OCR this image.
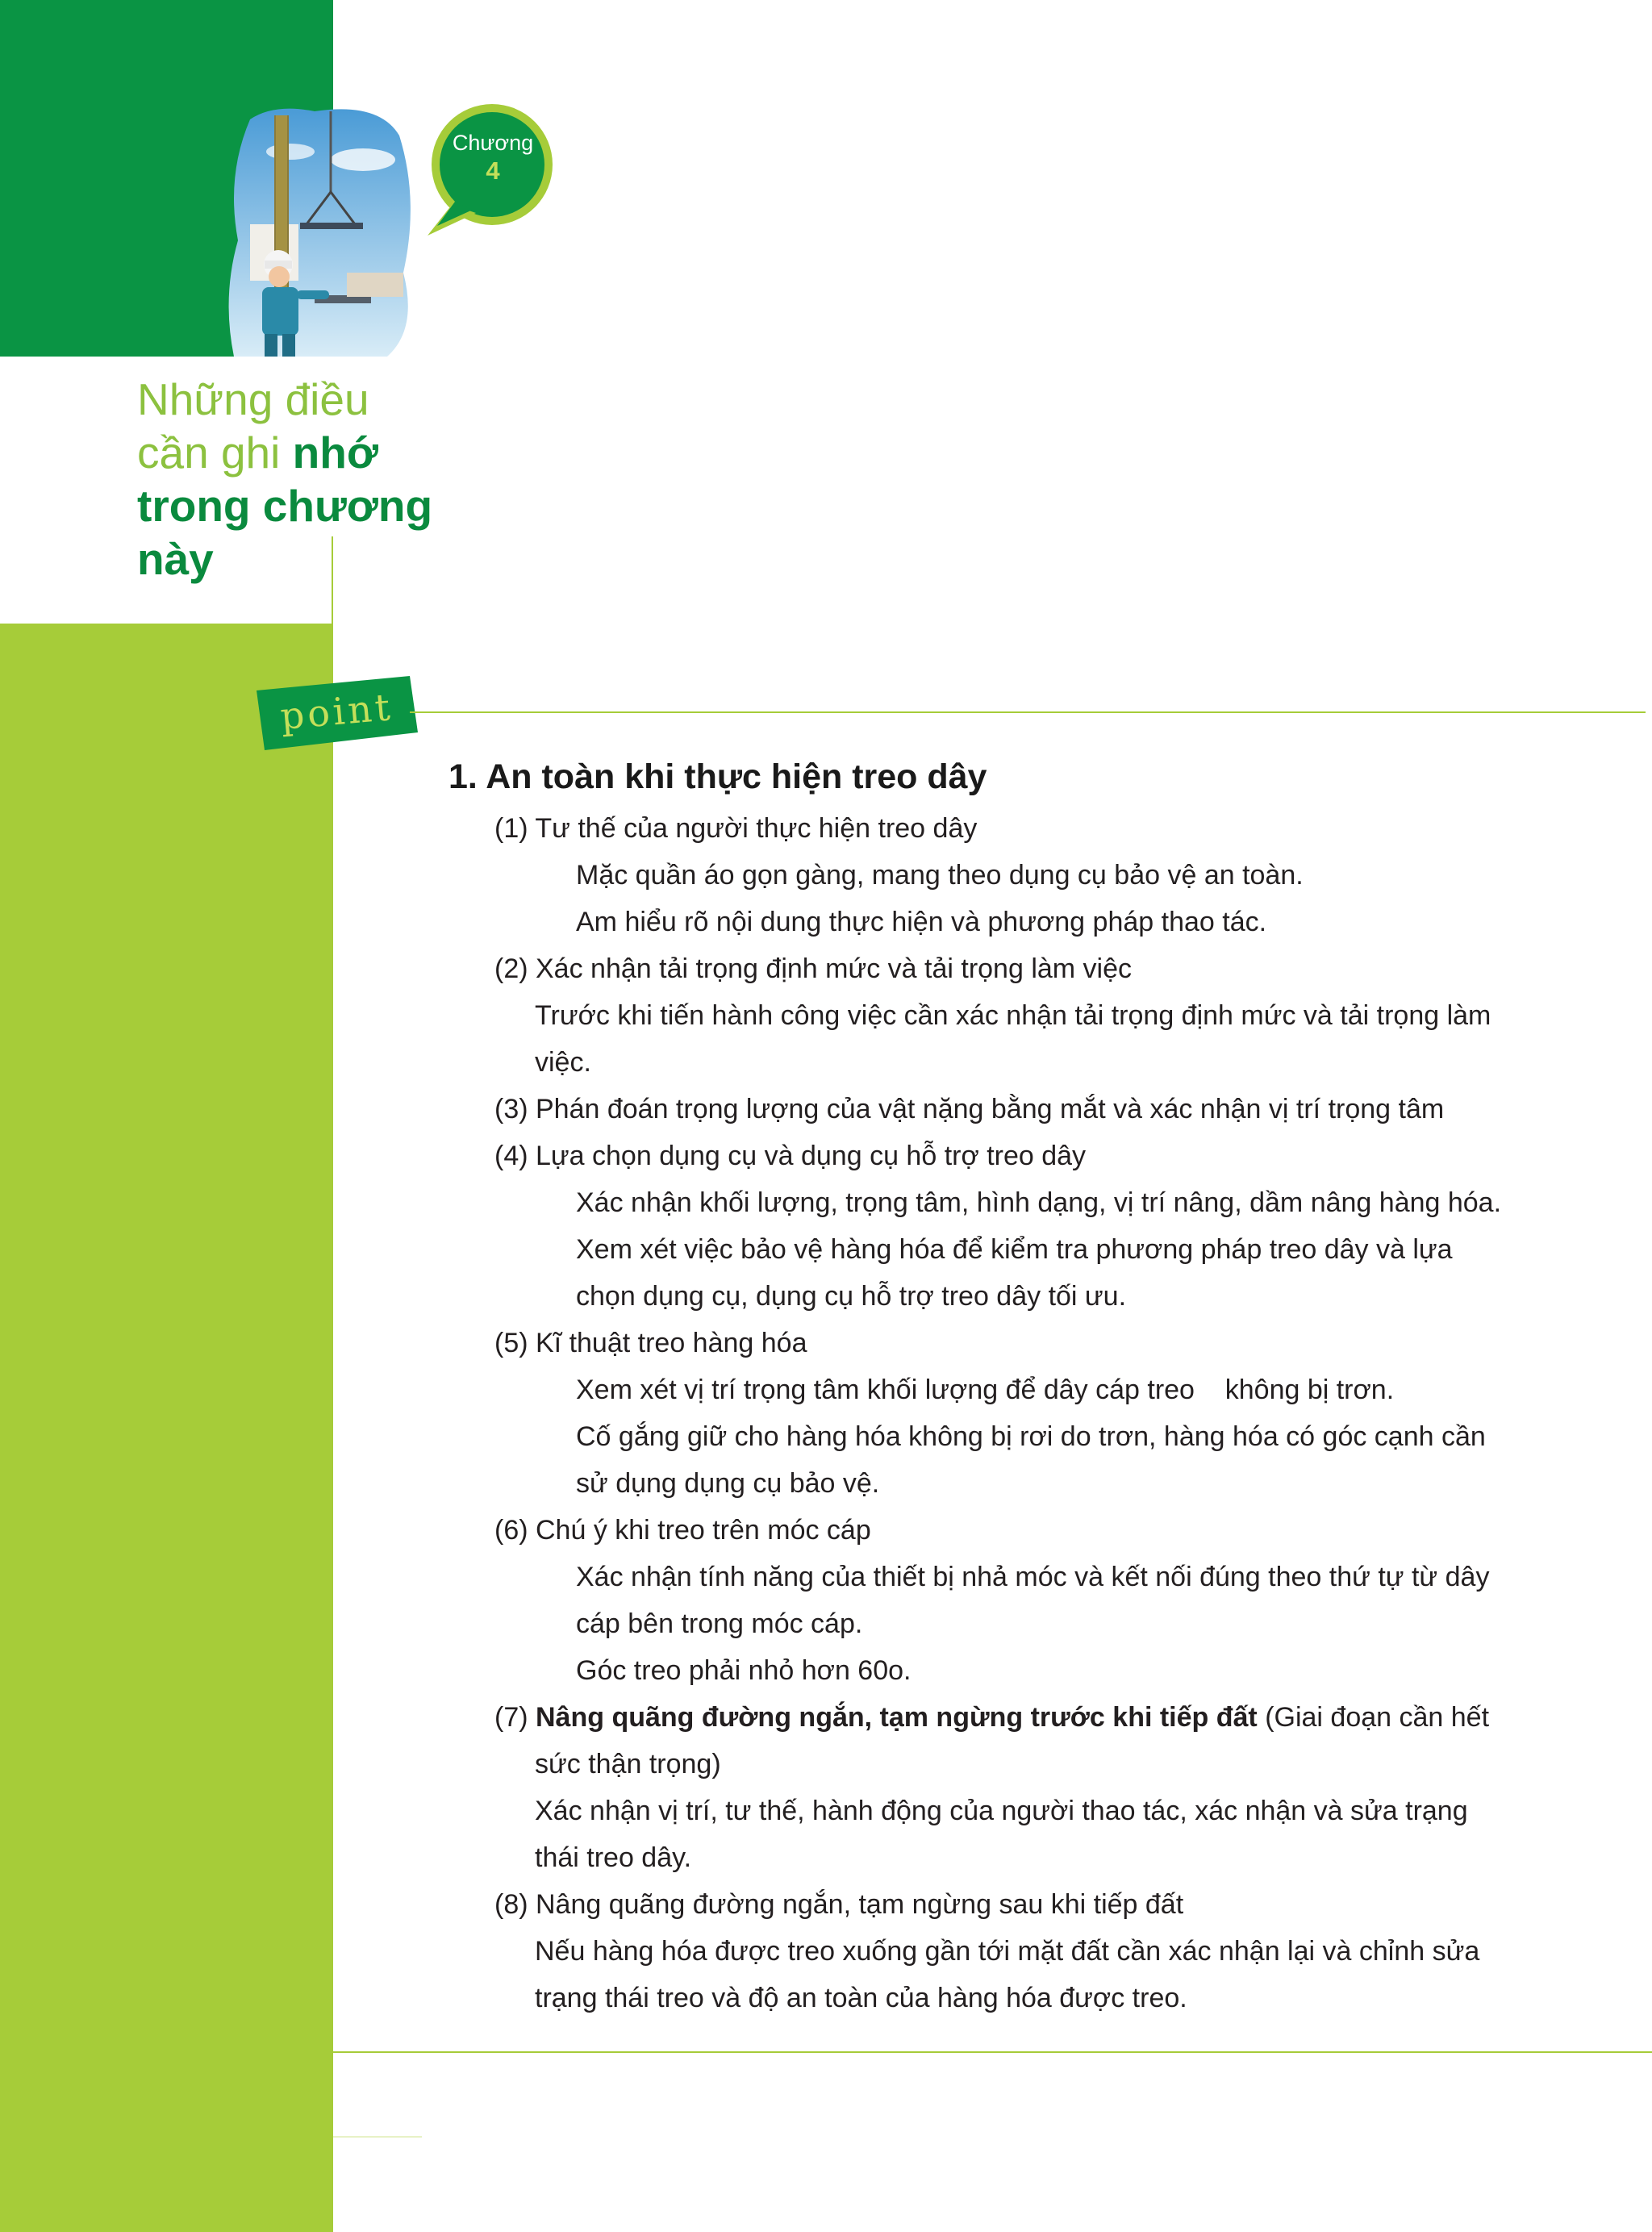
Chương
4
Những điều
cần ghi nhớ
trong chương
này
point
1. An toàn khi thực hiện treo dây

(1) Tư thế của người thực hiện treo dây

Mặc quần áo gọn gàng, mang theo dụng cụ bảo vệ an toàn.

Am hiểu rõ nội dung thực hiện và phương pháp thao tác.

(2) Xác nhận tải trọng định mức và tải trọng làm việc

Trước khi tiến hành công việc cần xác nhận tải trọng định mức và tải trọng làm

việc.

(3) Phán đoán trọng lượng của vật nặng bằng mắt và xác nhận vị trí trọng tâm

(4) Lựa chọn dụng cụ và dụng cụ hỗ trợ treo dây

Xác nhận khối lượng, trọng tâm, hình dạng, vị trí nâng, dầm nâng hàng hóa.

Xem xét việc bảo vệ hàng hóa để kiểm tra phương pháp treo dây và lựa

chọn dụng cụ, dụng cụ hỗ trợ treo dây tối ưu.

(5) Kĩ thuật treo hàng hóa

Xem xét vị trí trọng tâm khối lượng để dây cáp treo    không bị trơn.

Cố gắng giữ cho hàng hóa không bị rơi do trơn, hàng hóa có góc cạnh cần

sử dụng dụng cụ bảo vệ.

(6) Chú ý khi treo trên móc cáp

Xác nhận tính năng của thiết bị nhả móc và kết nối đúng theo thứ tự từ dây

cáp bên trong móc cáp.

Góc treo phải nhỏ hơn 60o.

(7) Nâng quãng đường ngắn, tạm ngừng trước khi tiếp đất (Giai đoạn cần hết

sức thận trọng)

Xác nhận vị trí, tư thế, hành động của người thao tác, xác nhận và sửa trạng

thái treo dây.

(8) Nâng quãng đường ngắn, tạm ngừng sau khi tiếp đất

Nếu hàng hóa được treo xuống gần tới mặt đất cần xác nhận lại và chỉnh sửa

trạng thái treo và độ an toàn của hàng hóa được treo.
